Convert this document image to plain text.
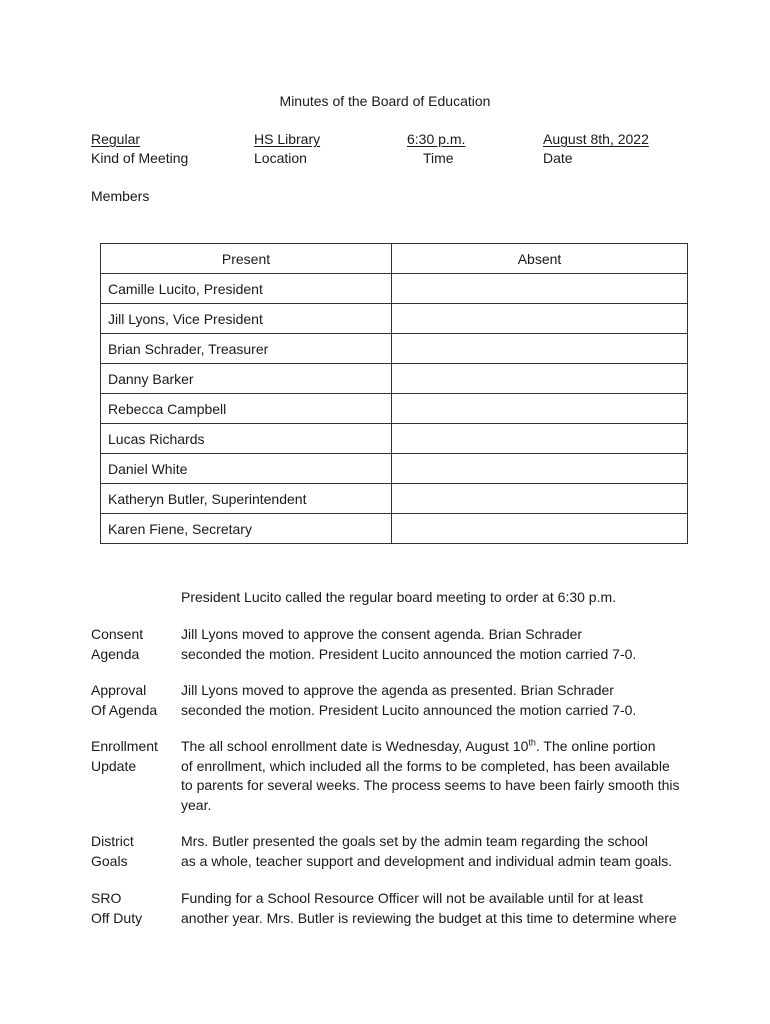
Minutes of the Board of Education
Regular
Kind of Meeting
HS Library
Location
6:30 p.m.
Time
August 8th, 2022
Date
Members
Present	Absent
Camille Lucito, President	
Jill Lyons, Vice President	
Brian Schrader, Treasurer	
Danny Barker	
Rebecca Campbell	
Lucas Richards	
Daniel White	
Katheryn Butler, Superintendent	
Karen Fiene, Secretary	
President Lucito called the regular board meeting to order at 6:30 p.m.
Consent
Agenda
Jill Lyons moved to approve the consent agenda. Brian Schrader
seconded the motion. President Lucito announced the motion carried 7-0.
Approval
Of Agenda
Jill Lyons moved to approve the agenda as presented. Brian Schrader
seconded the motion. President Lucito announced the motion carried 7-0.
Enrollment
Update
The all school enrollment date is Wednesday, August 10th. The online portion
of enrollment, which included all the forms to be completed, has been available
to parents for several weeks. The process seems to have been fairly smooth this
year.
District
Goals
Mrs. Butler presented the goals set by the admin team regarding the school
as a whole, teacher support and development and individual admin team goals.
SRO
Off Duty
Funding for a School Resource Officer will not be available until for at least
another year. Mrs. Butler is reviewing the budget at this time to determine where
